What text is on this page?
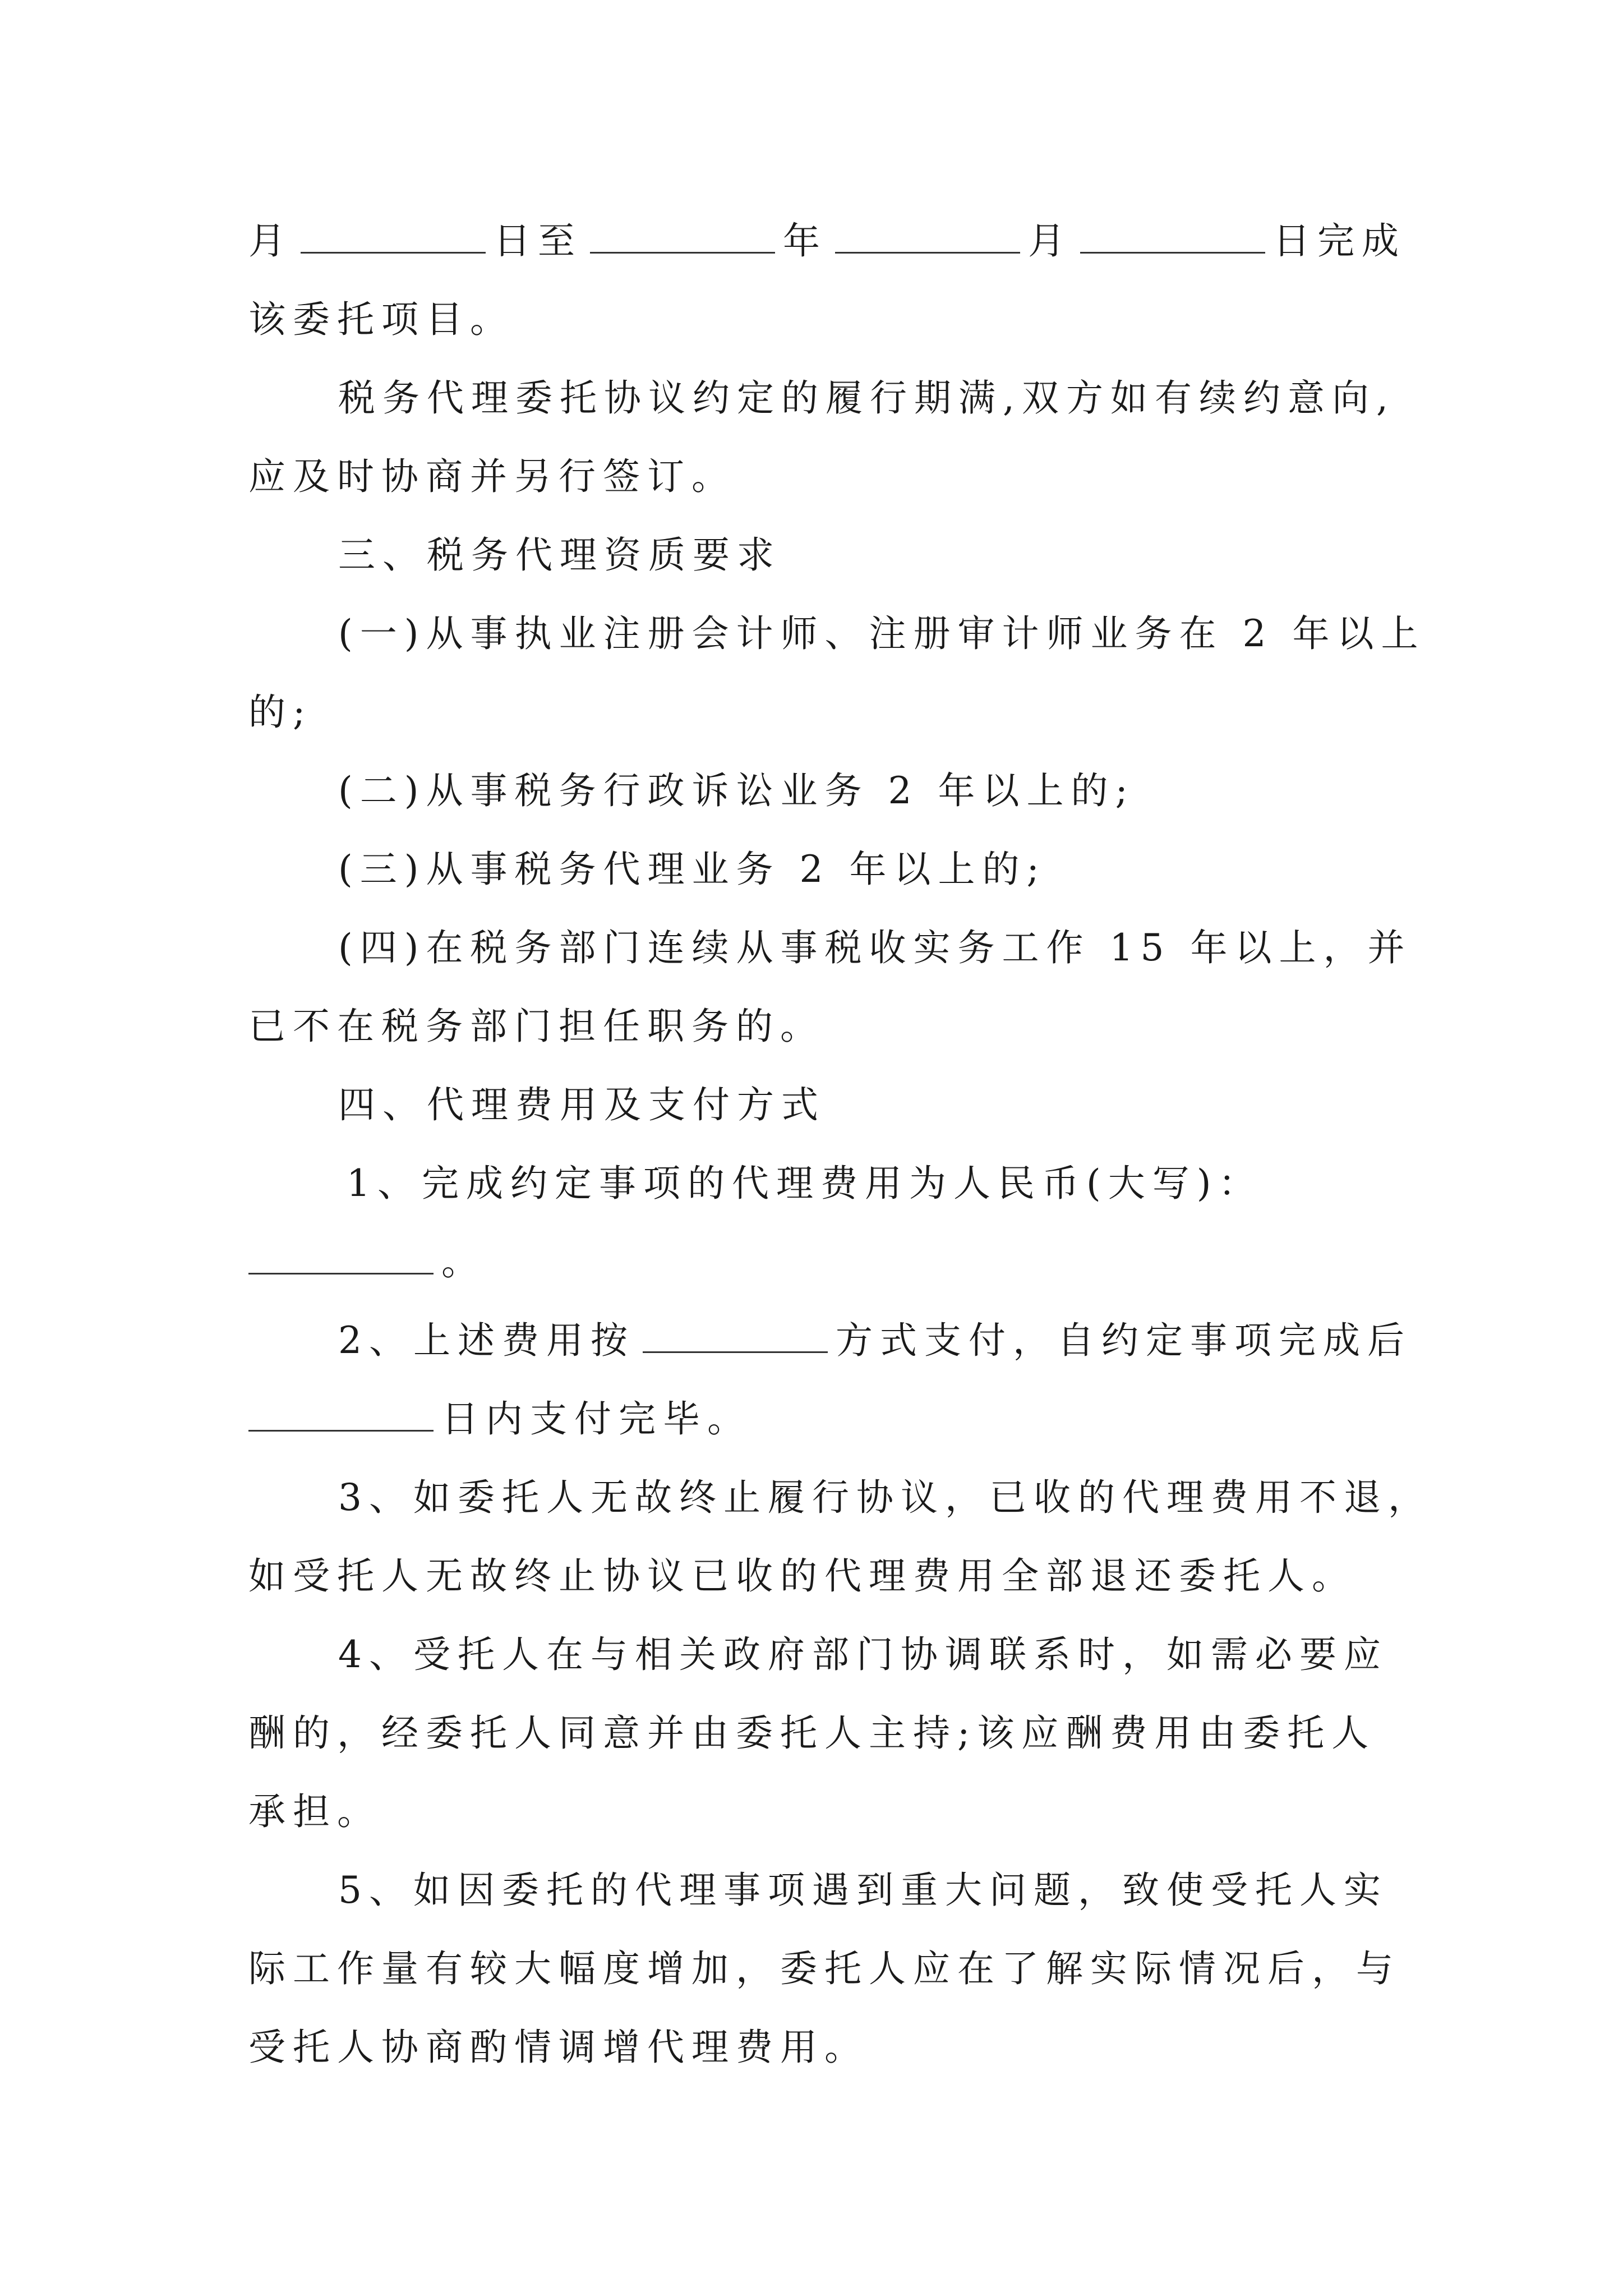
月	日至	年	月	日完成
该委托项目。
税务代理委托协议约定的履行期满,双方如有续约意向,
应及时协商并另行签订。
三、税务代理资质要求
(一)从事执业注册会计师、注册审计师业务在 2 年以上
的;
(二)从事税务行政诉讼业务 2 年以上的;
(三)从事税务代理业务 2 年以上的;
(四)在税务部门连续从事税收实务工作 15 年以上，并
已不在税务部门担任职务的。
四、代理费用及支付方式
1、完成约定事项的代理费用为人民币(大写)：
。
2、上述费用按	方式支付，自约定事项完成后
日内支付完毕。
3、如委托人无故终止履行协议，已收的代理费用不退，
如受托人无故终止协议已收的代理费用全部退还委托人。
4、受托人在与相关政府部门协调联系时，如需必要应
酬的，经委托人同意并由委托人主持;该应酬费用由委托人
承担。
5、如因委托的代理事项遇到重大问题，致使受托人实
际工作量有较大幅度增加，委托人应在了解实际情况后，与
受托人协商酌情调增代理费用。
